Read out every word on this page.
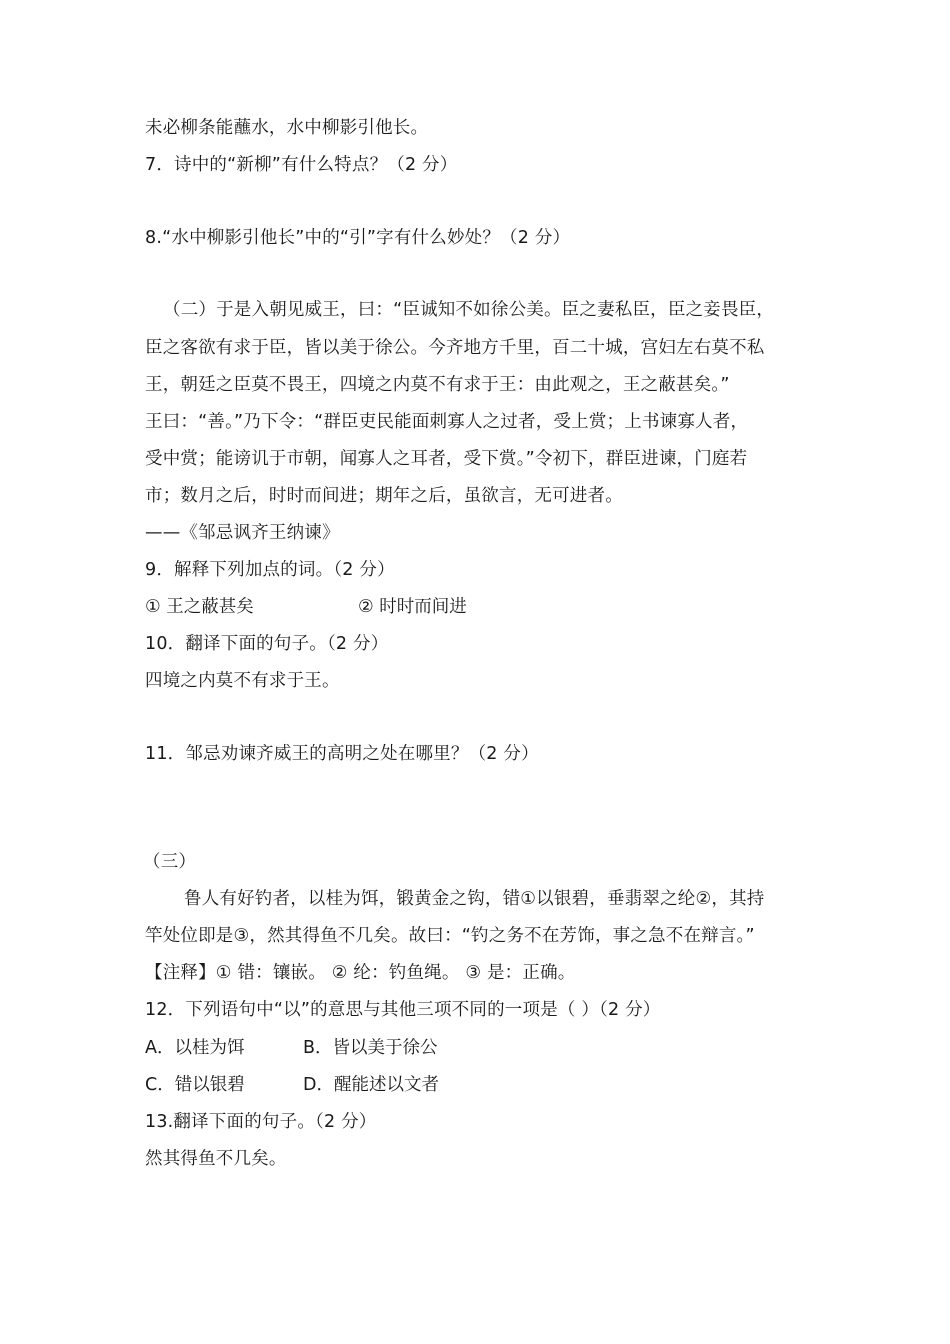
未必柳条能蘸水，水中柳影引他长。
7．诗中的“新柳”有什么特点？（2 分）
8.“水中柳影引他长”中的“引”字有什么妙处？（2 分）
（二）于是入朝见威王，曰：“臣诚知不如徐公美。臣之妻私臣，臣之妾畏臣，
臣之客欲有求于臣，皆以美于徐公。今齐地方千里，百二十城，宫妇左右莫不私
王，朝廷之臣莫不畏王，四境之内莫不有求于王：由此观之，王之蔽甚矣。”
王曰：“善。”乃下令：“群臣吏民能面刺寡人之过者，受上赏；上书谏寡人者，
受中赏；能谤讥于市朝，闻寡人之耳者，受下赏。”令初下，群臣进谏，门庭若
市；数月之后，时时而间进；期年之后，虽欲言，无可进者。
——《邹忌讽齐王纳谏》
9．解释下列加点的词。（2 分）
① 王之蔽甚矣	② 时时而间进
10．翻译下面的句子。（2 分）
四境之内莫不有求于王。
11．邹忌劝谏齐威王的高明之处在哪里？（2 分）
（三）
鲁人有好钓者，以桂为饵，锻黄金之钩，错①以银碧，垂翡翠之纶②，其持
竿处位即是③，然其得鱼不几矣。故曰：“钓之务不在芳饰，事之急不在辩言。”
【注释】① 错：镶嵌。 ② 纶：钓鱼绳。 ③ 是：正确。
12．下列语句中“以”的意思与其他三项不同的一项是（ ）（2 分）
A．以桂为饵	B．皆以美于徐公
C．错以银碧	D．醒能述以文者
13.翻译下面的句子。（2 分）
然其得鱼不几矣。
